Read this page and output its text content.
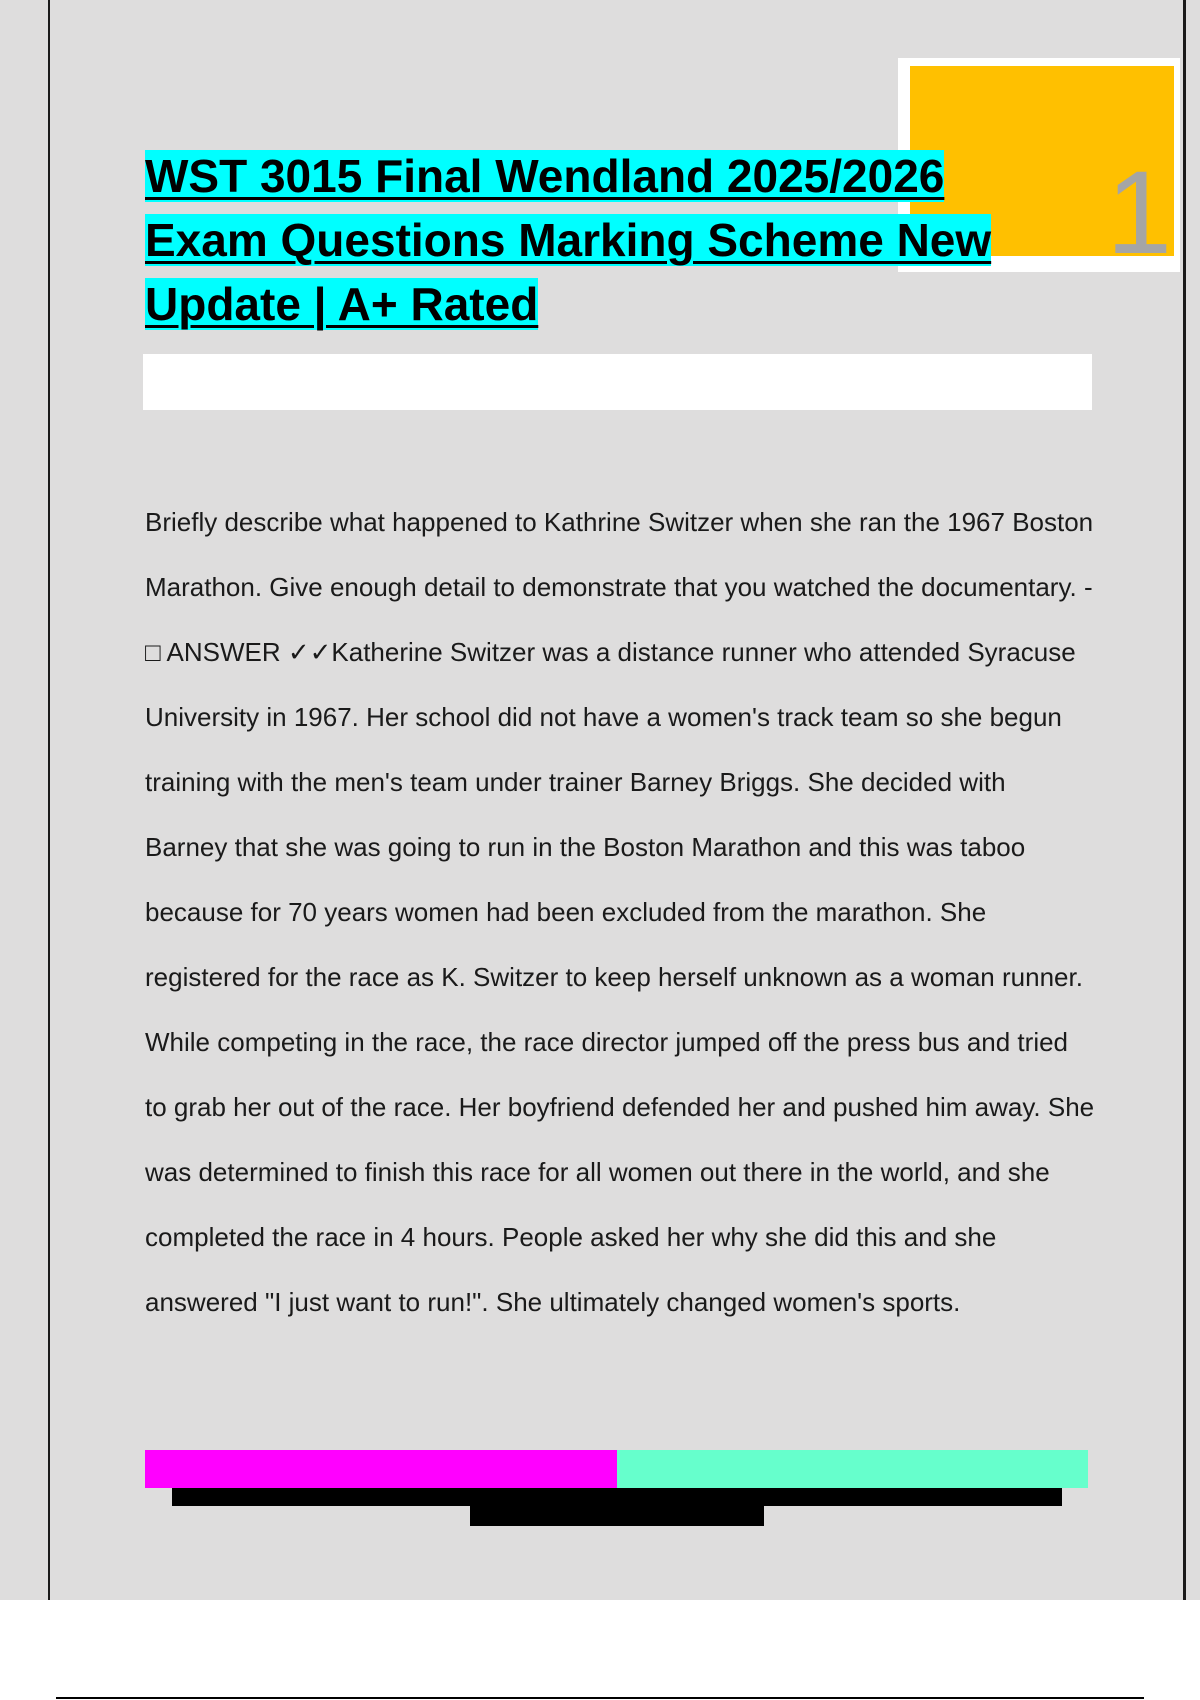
1
WST 3015 Final Wendland 2025/2026
Exam Questions Marking Scheme New
Update | A+ Rated

Briefly describe what happened to Kathrine Switzer when she ran the 1967 Boston Marathon. Give enough detail to demonstrate that you watched the documentary. - □ ANSWER ✓✓Katherine Switzer was a distance runner who attended Syracuse University in 1967. Her school did not have a women's track team so she begun training with the men's team under trainer Barney Briggs. She decided with Barney that she was going to run in the Boston Marathon and this was taboo because for 70 years women had been excluded from the marathon. She registered for the race as K. Switzer to keep herself unknown as a woman runner. While competing in the race, the race director jumped off the press bus and tried to grab her out of the race. Her boyfriend defended her and pushed him away. She was determined to finish this race for all women out there in the world, and she completed the race in 4 hours. People asked her why she did this and she answered "I just want to run!". She ultimately changed women's sports.
